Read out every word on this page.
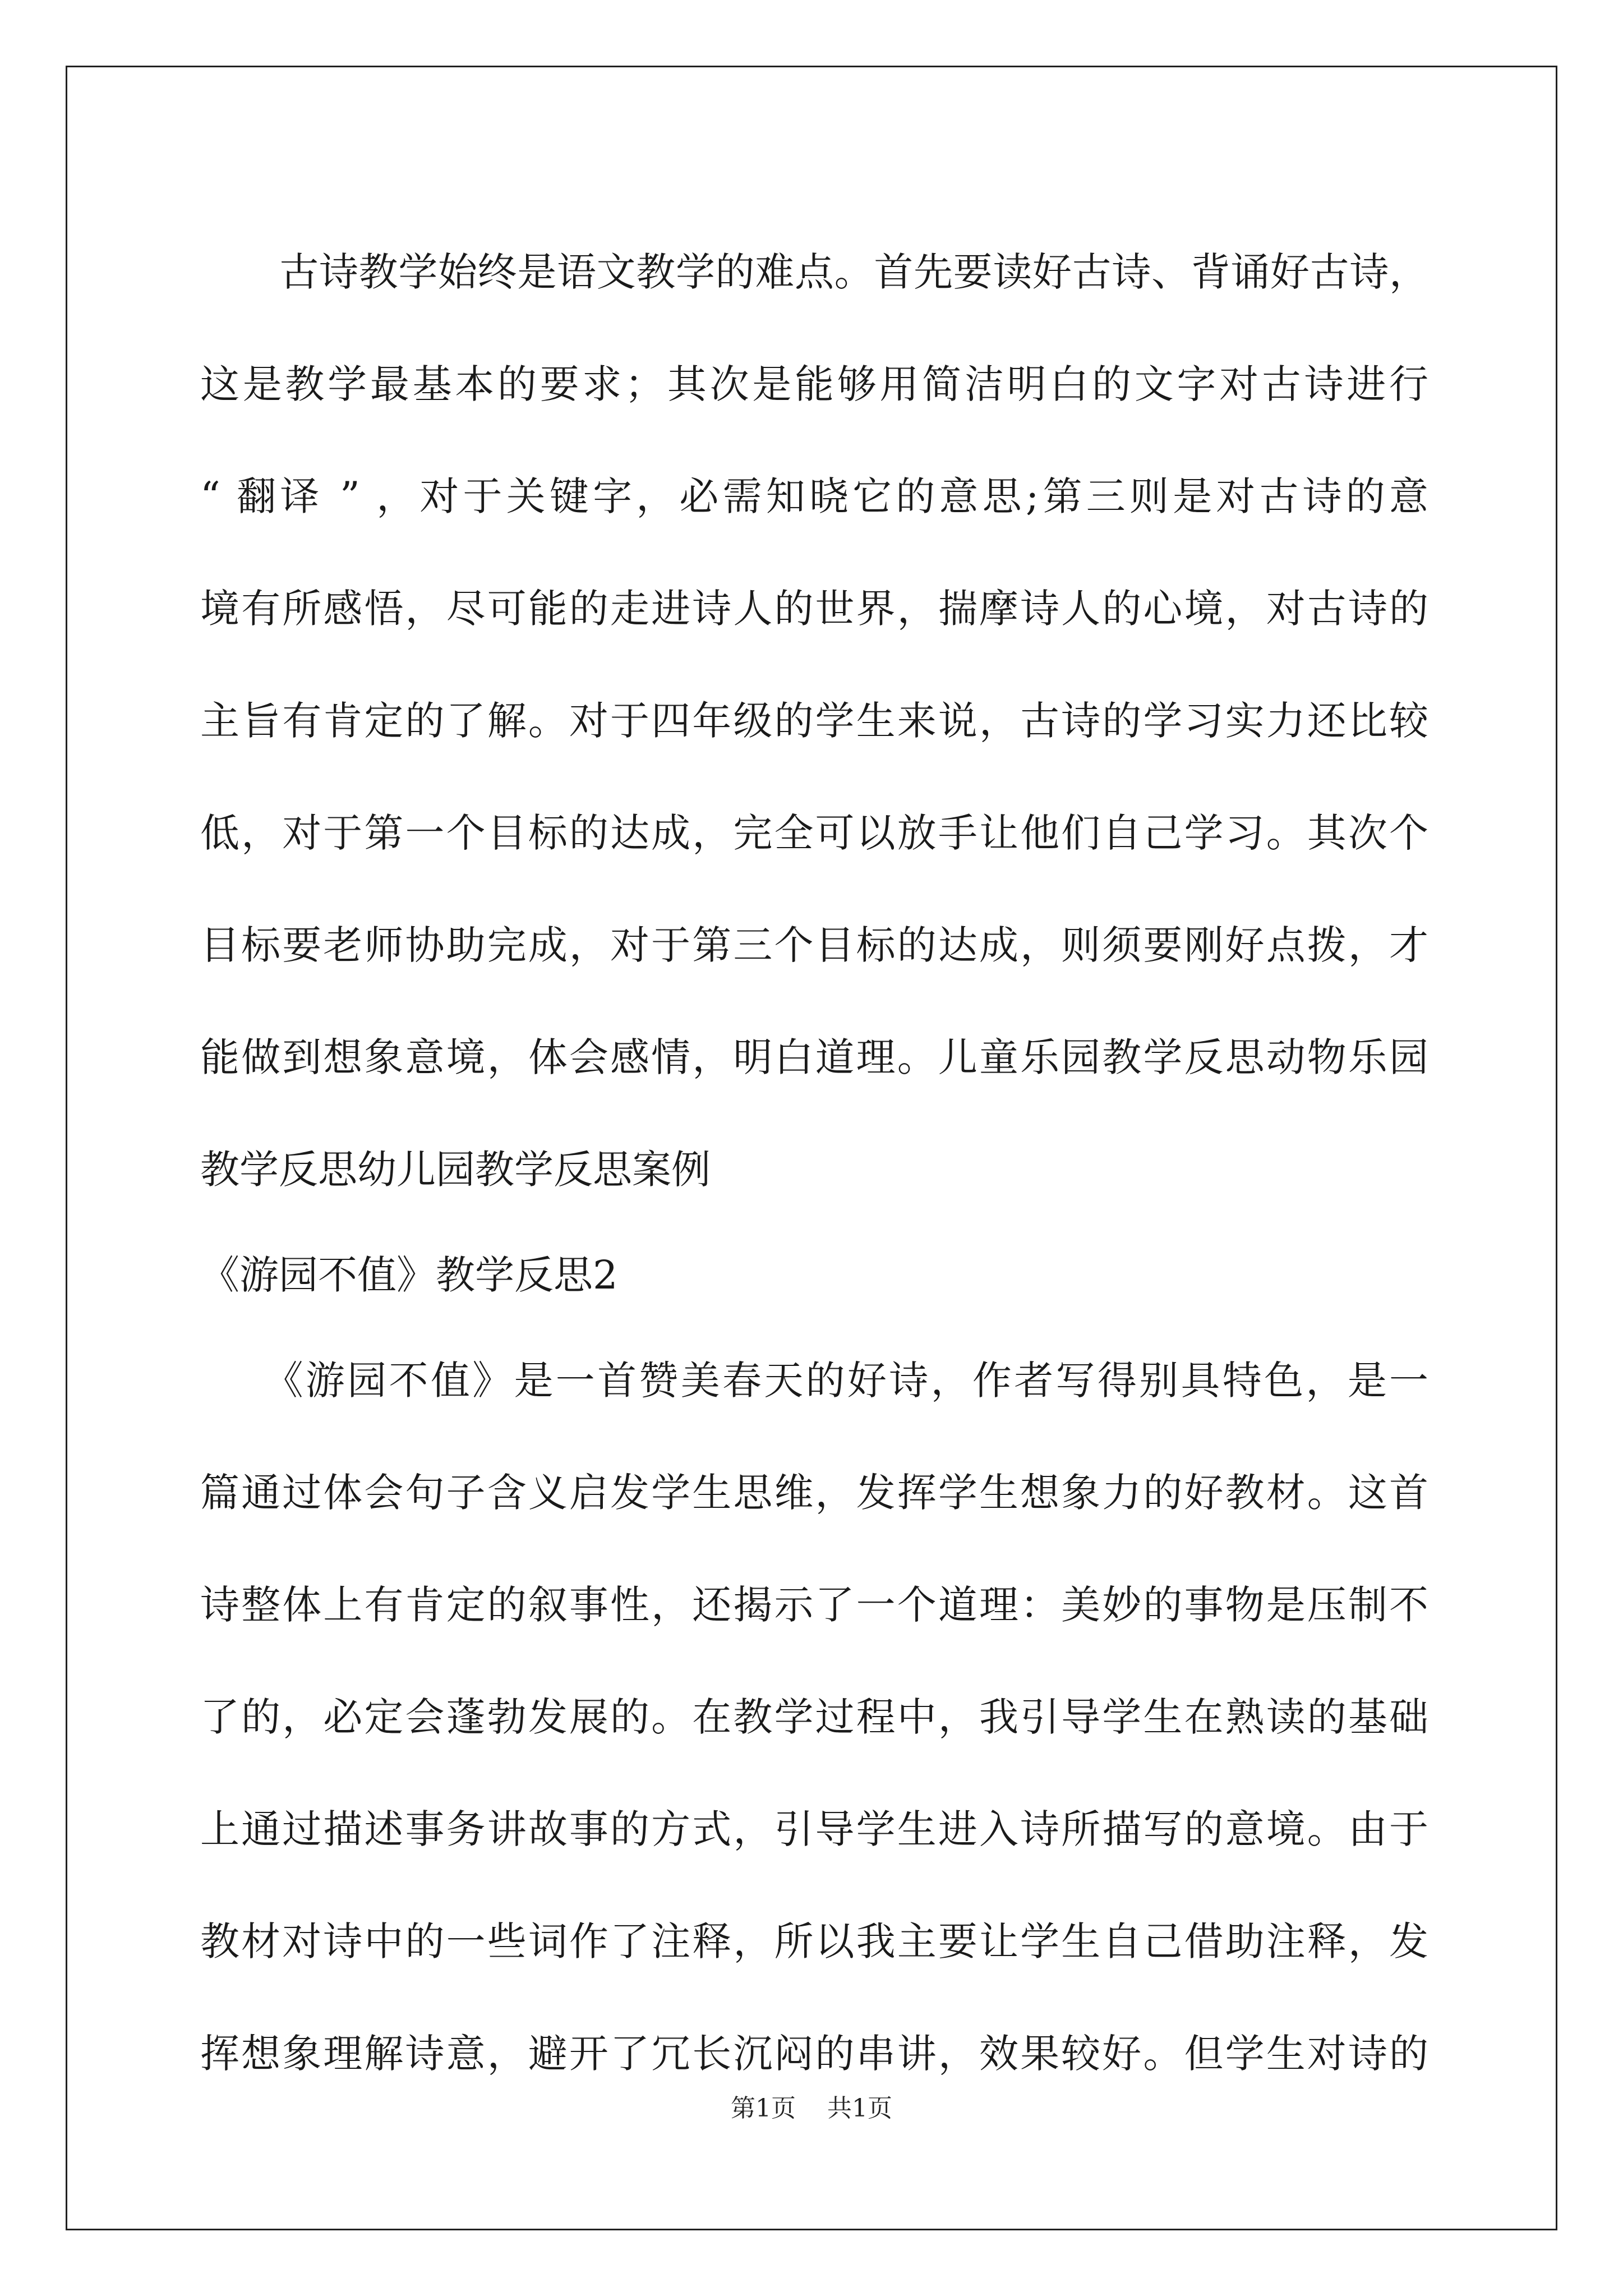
　　古诗教学始终是语文教学的难点。首先要读好古诗、背诵好古诗，
这是教学最基本的要求；其次是能够用简洁明白的文字对古诗进行
“ 翻译 ” ，对于关键字，必需知晓它的意思;第三则是对古诗的意
境有所感悟，尽可能的走进诗人的世界，揣摩诗人的心境，对古诗的
主旨有肯定的了解。对于四年级的学生来说，古诗的学习实力还比较
低，对于第一个目标的达成，完全可以放手让他们自己学习。其次个
目标要老师协助完成，对于第三个目标的达成，则须要刚好点拨，才
能做到想象意境，体会感情，明白道理。儿童乐园教学反思动物乐园
教学反思幼儿园教学反思案例
《游园不值》教学反思2
　　《游园不值》是一首赞美春天的好诗，作者写得别具特色，是一
篇通过体会句子含义启发学生思维，发挥学生想象力的好教材。这首
诗整体上有肯定的叙事性，还揭示了一个道理：美妙的事物是压制不
了的，必定会蓬勃发展的。在教学过程中，我引导学生在熟读的基础
上通过描述事务讲故事的方式，引导学生进入诗所描写的意境。由于
教材对诗中的一些词作了注释，所以我主要让学生自己借助注释，发
挥想象理解诗意，避开了冗长沉闷的串讲，效果较好。但学生对诗的
第1页 共1页
